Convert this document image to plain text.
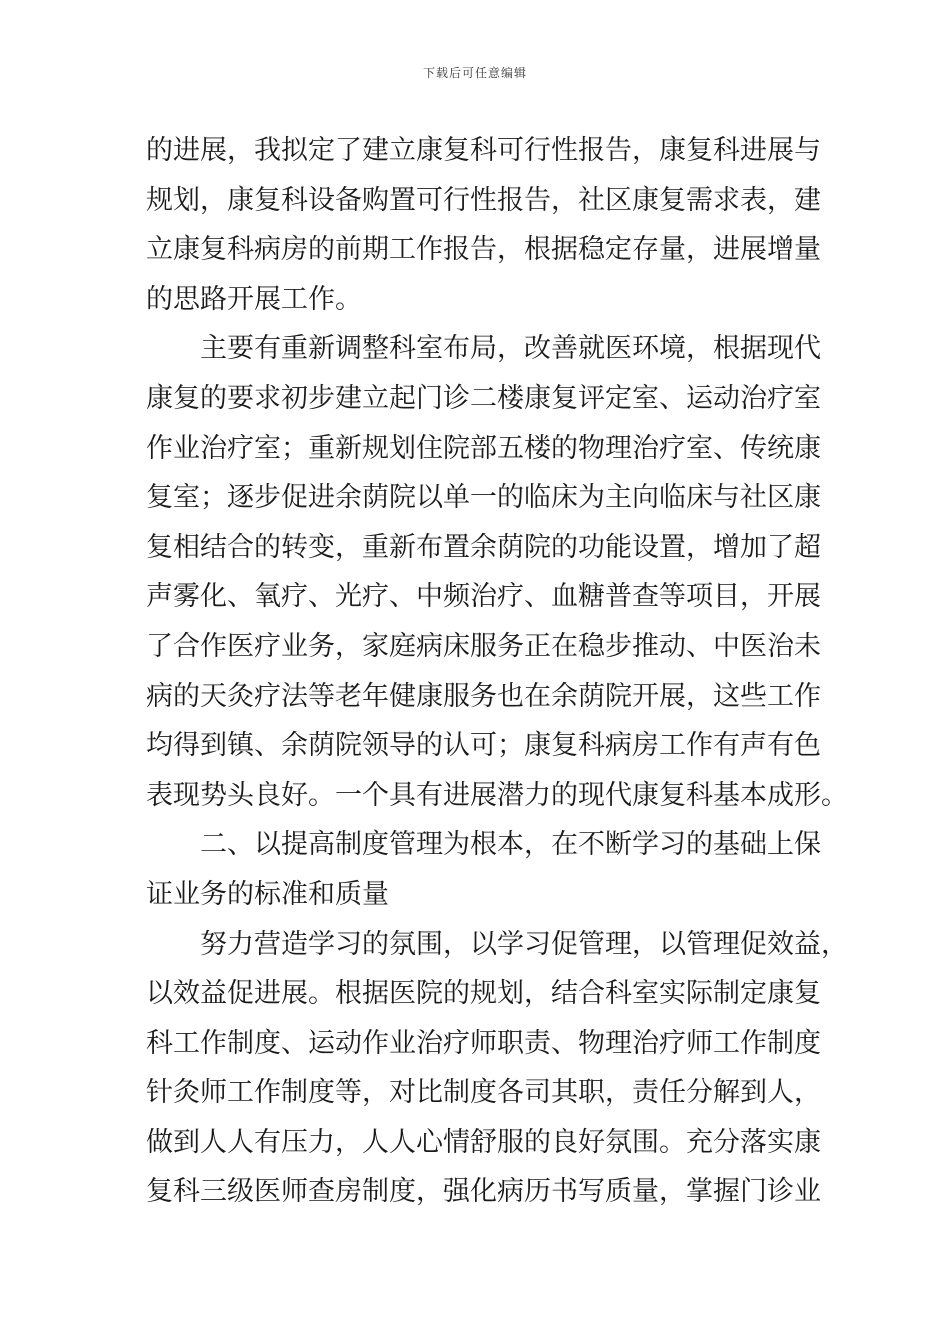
下载后可任意编辑
的进展，我拟定了建立康复科可行性报告，康复科进展与
规划，康复科设备购置可行性报告，社区康复需求表，建
立康复科病房的前期工作报告，根据稳定存量，进展增量
的思路开展工作。
　　主要有重新调整科室布局，改善就医环境，根据现代
康复的要求初步建立起门诊二楼康复评定室、运动治疗室
作业治疗室；重新规划住院部五楼的物理治疗室、传统康
复室；逐步促进余荫院以单一的临床为主向临床与社区康
复相结合的转变，重新布置余荫院的功能设置，增加了超
声雾化、氧疗、光疗、中频治疗、血糖普查等项目，开展
了合作医疗业务，家庭病床服务正在稳步推动、中医治未
病的天灸疗法等老年健康服务也在余荫院开展，这些工作
均得到镇、余荫院领导的认可；康复科病房工作有声有色
表现势头良好。一个具有进展潜力的现代康复科基本成形。
　　二、以提高制度管理为根本，在不断学习的基础上保
证业务的标准和质量
　　努力营造学习的氛围，以学习促管理，以管理促效益，
以效益促进展。根据医院的规划，结合科室实际制定康复
科工作制度、运动作业治疗师职责、物理治疗师工作制度
针灸师工作制度等，对比制度各司其职，责任分解到人，
做到人人有压力，人人心情舒服的良好氛围。充分落实康
复科三级医师查房制度，强化病历书写质量，掌握门诊业
